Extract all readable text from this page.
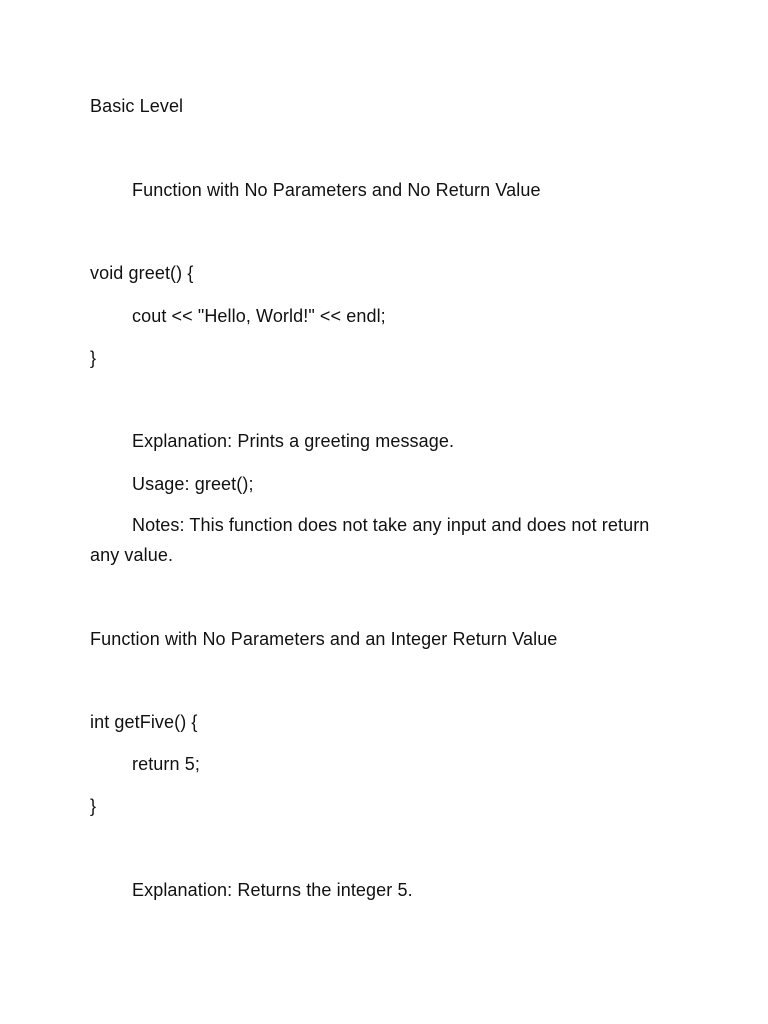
Basic Level
Function with No Parameters and No Return Value
void greet() {
cout << "Hello, World!" << endl;
}
Explanation: Prints a greeting message.
Usage: greet();
Notes: This function does not take any input and does not return
any value.
Function with No Parameters and an Integer Return Value
int getFive() {
return 5;
}
Explanation: Returns the integer 5.
